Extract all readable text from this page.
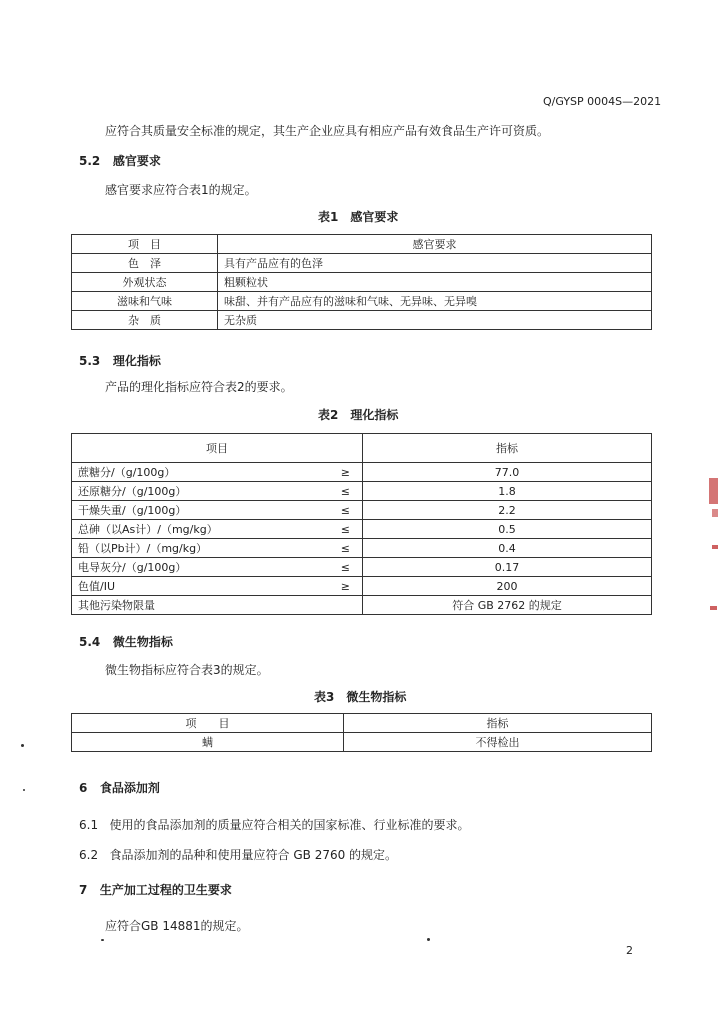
Q/GYSP 0004S—2021
应符合其质量安全标准的规定，其生产企业应具有相应产品有效食品生产许可资质。
5.2 感官要求
感官要求应符合表1的规定。
表1　感官要求
项　目	感官要求
色　泽	具有产品应有的色泽
外观状态	粗颗粒状
滋味和气味	味甜、并有产品应有的滋味和气味、无异味、无异嗅
杂　质	无杂质
5.3 理化指标
产品的理化指标应符合表2的要求。
表2　理化指标
项目		指标
蔗糖分/（g/100g）	≥	77.0
还原糖分/（g/100g）	≤	1.8
干燥失重/（g/100g）	≤	2.2
总砷（以As计）/（mg/kg）	≤	0.5
铅（以Pb计）/（mg/kg）	≤	0.4
电导灰分/（g/100g）	≤	0.17
色值/IU	≥	200
其他污染物限量		符合 GB 2762 的规定
5.4 微生物指标
微生物指标应符合表3的规定。
表3　微生物指标
项　　目	指标
螨	不得检出
6 食品添加剂
6.1 使用的食品添加剂的质量应符合相关的国家标准、行业标准的要求。
6.2 食品添加剂的品种和使用量应符合 GB 2760 的规定。
7 生产加工过程的卫生要求
应符合GB 14881的规定。
2
